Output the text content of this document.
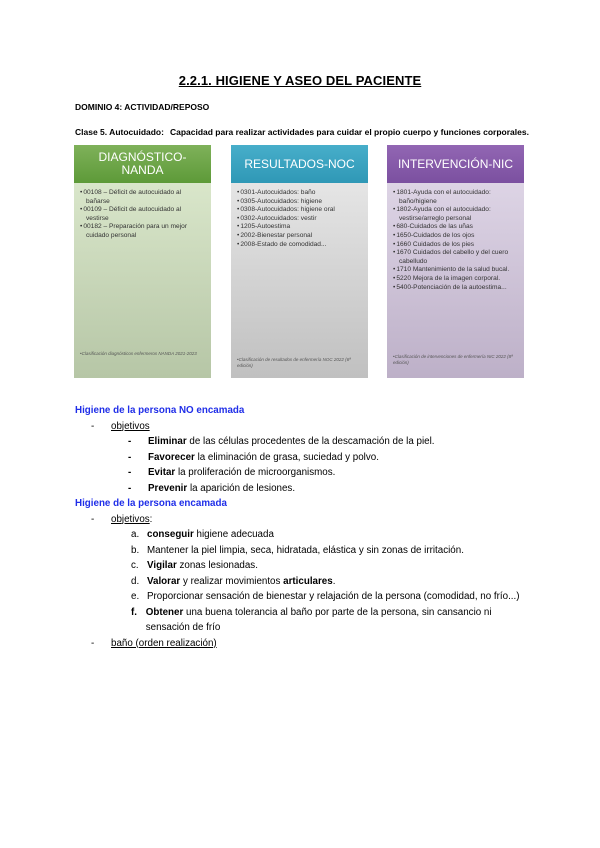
2.2.1. HIGIENE Y ASEO DEL PACIENTE
DOMINIO 4: ACTIVIDAD/REPOSO
Clase 5. Autocuidado: Capacidad para realizar actividades para cuidar el propio cuerpo y funciones corporales.
DIAGNÓSTICO-NANDA
• 00108 – Déficit de autocuidado al bañarse
• 00109 – Déficit de autocuidado al vestirse
• 00182 – Preparación para un mejor cuidado personal
•Clasificación diagnósticos enfermeros NANDA 2021-2023
RESULTADOS-NOC
• 0301-Autocuidados: baño
• 0305-Autocuidados: higiene
• 0308-Autocuidados: higiene oral
• 0302-Autocuidados: vestir
• 1205-Autoestima
• 2002-Bienestar personal
• 2008-Estado de comodidad...
•Clasificación de resultados de enfermería NOC 2022 (6ª edición)
INTERVENCIÓN-NIC
• 1801-Ayuda con el autocuidado: baño/higiene
• 1802-Ayuda con el autocuidado: vestirse/arreglo personal
• 680-Cuidados de las uñas
• 1650-Cuidados de los ojos
• 1660 Cuidados de los pies
• 1670 Cuidados del cabello y del cuero cabelludo
• 1710 Mantenimiento de la salud bucal.
• 5220 Mejora de la imagen corporal.
• 5400-Potenciación de la autoestima...
•Clasificación de intervenciones de enfermería NIC 2022 (8ª edición)
Higiene de la persona NO encamada
-	objetivos
-	Eliminar de las células procedentes de la descamación de la piel.
-	Favorecer la eliminación de grasa, suciedad y polvo.
-	Evitar la proliferación de microorganismos.
-	Prevenir la aparición de lesiones.
Higiene de la persona encamada
-	objetivos:
a. conseguir higiene adecuada
b. Mantener la piel limpia, seca, hidratada, elástica y sin zonas de irritación.
c. Vigilar zonas lesionadas.
d. Valorar y realizar movimientos articulares.
e. Proporcionar sensación de bienestar y relajación de la persona (comodidad, no frío...)
f. Obtener una buena tolerancia al baño por parte de la persona, sin cansancio ni sensación de frío
-	baño (orden realización)
